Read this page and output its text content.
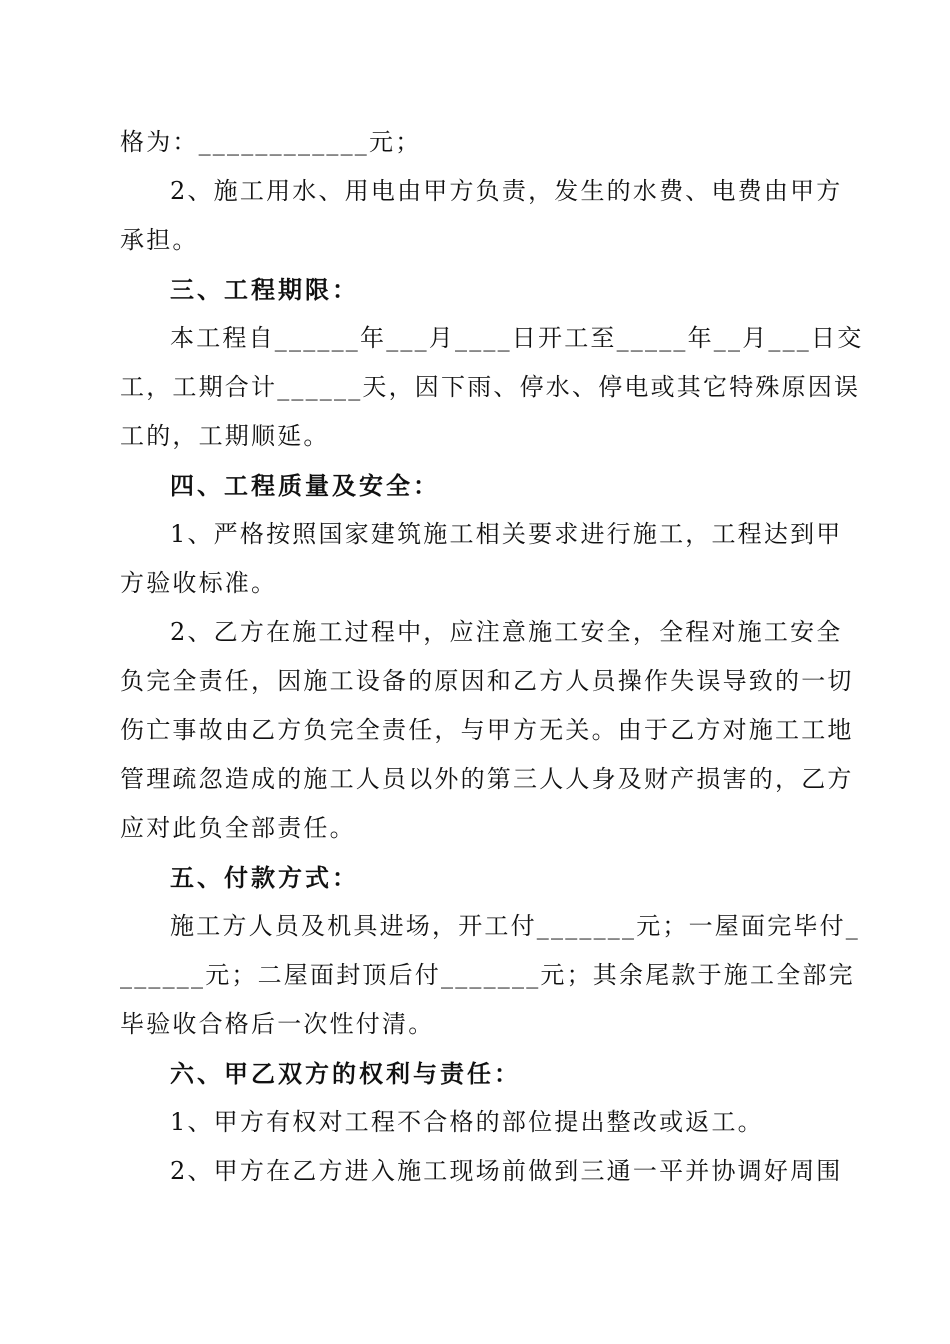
格为：____________元；
2、施工用水、用电由甲方负责，发生的水费、电费由甲方
承担。
三、工程期限：
本工程自______年___月____日开工至_____年__月___日交
工，工期合计______天，因下雨、停水、停电或其它特殊原因误
工的，工期顺延。
四、工程质量及安全：
1、严格按照国家建筑施工相关要求进行施工，工程达到甲
方验收标准。
2、乙方在施工过程中，应注意施工安全，全程对施工安全
负完全责任，因施工设备的原因和乙方人员操作失误导致的一切
伤亡事故由乙方负完全责任，与甲方无关。由于乙方对施工工地
管理疏忽造成的施工人员以外的第三人人身及财产损害的，乙方
应对此负全部责任。
五、付款方式：
施工方人员及机具进场，开工付_______元；一屋面完毕付_
______元；二屋面封顶后付_______元；其余尾款于施工全部完
毕验收合格后一次性付清。
六、甲乙双方的权利与责任：
1、甲方有权对工程不合格的部位提出整改或返工。
2、甲方在乙方进入施工现场前做到三通一平并协调好周围
